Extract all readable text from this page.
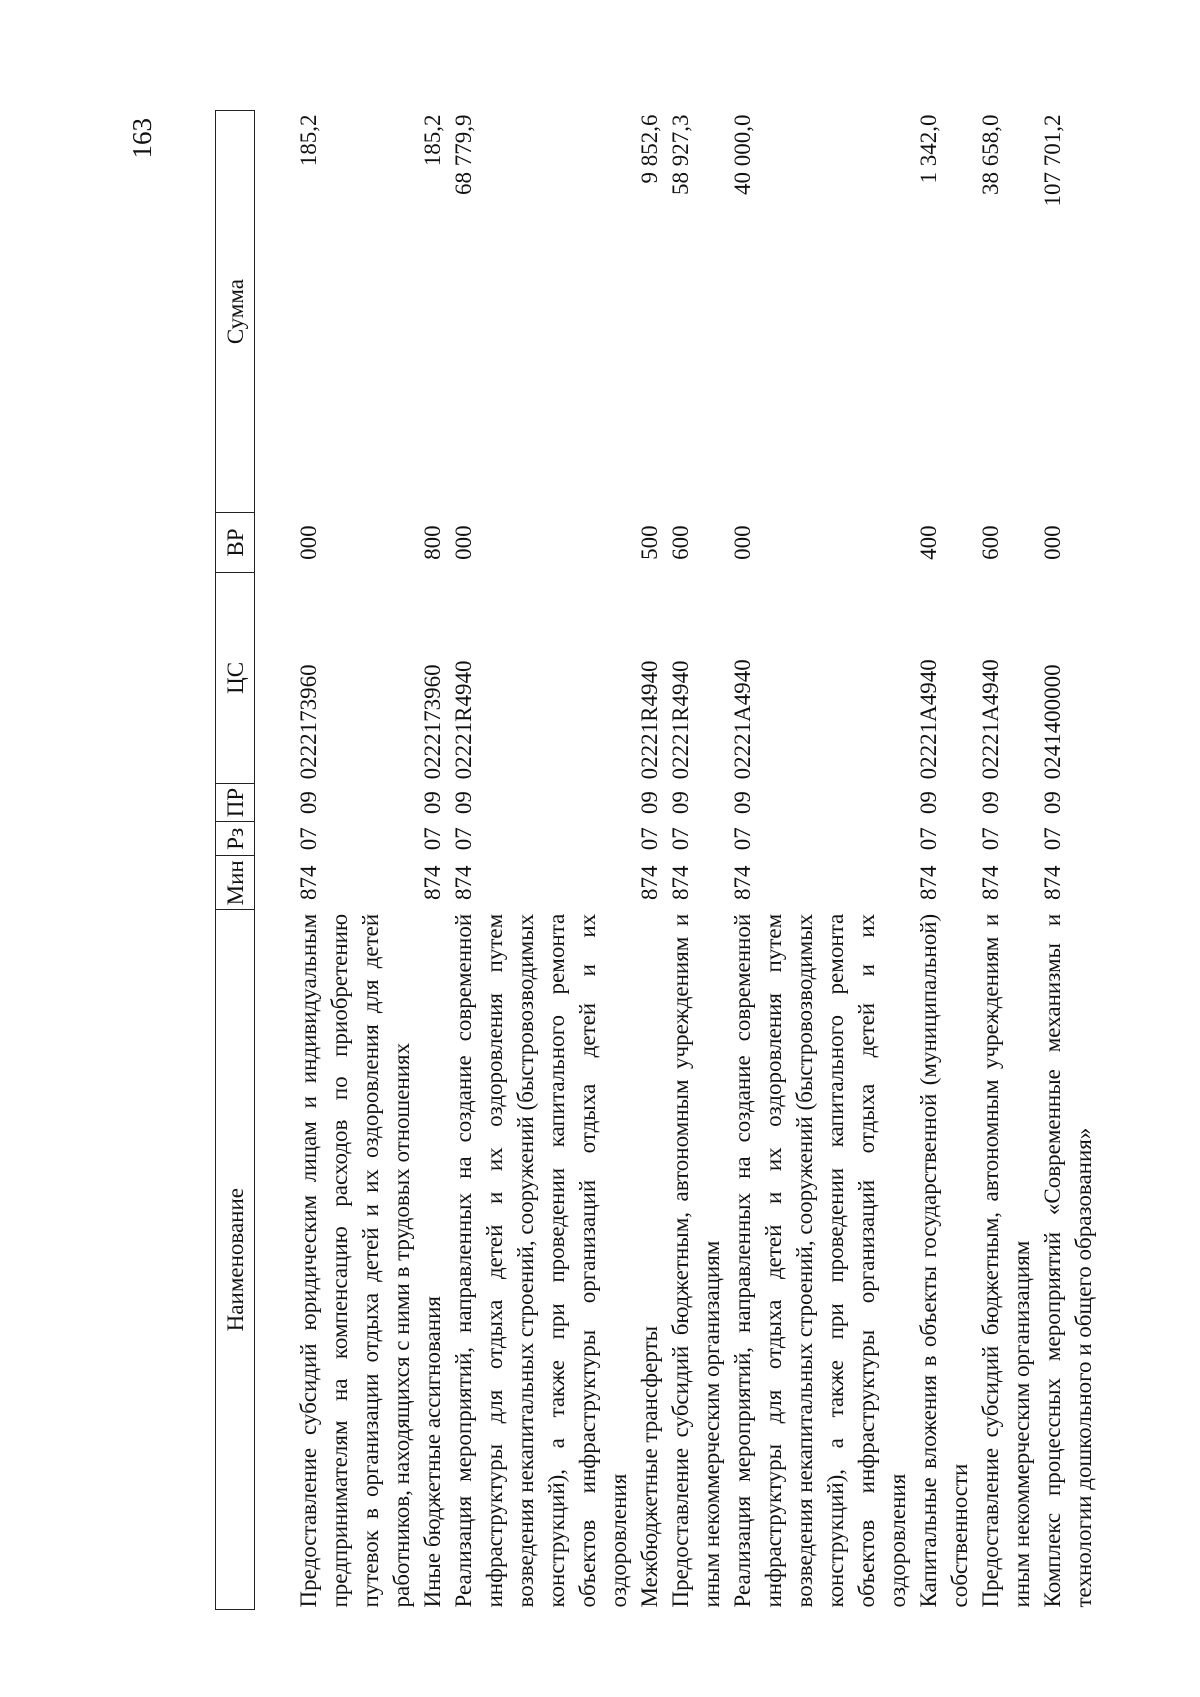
163
Наименование	Мин	Рз	ПР	ЦС	ВР	Сумма
Предоставление субсидий юридическим лицам и индивидуальным предпринимателям на компенсацию расходов по приобретению путевок в организации отдыха детей и их оздоровления для детей работников, находящихся с ними в трудовых отношениях	874	07	09	0222173960	000	185,2
Иные бюджетные ассигнования	874	07	09	0222173960	800	185,2
Реализация мероприятий, направленных на создание современной инфраструктуры для отдыха детей и их оздоровления путем возведения некапитальных строений, сооружений (быстровозводимых конструкций), а также при проведении капитального ремонта объектов инфраструктуры организаций отдыха детей и их оздоровления	874	07	09	02221R4940	000	68 779,9
Межбюджетные трансферты	874	07	09	02221R4940	500	9 852,6
Предоставление субсидий бюджетным, автономным учреждениям и иным некоммерческим организациям	874	07	09	02221R4940	600	58 927,3
Реализация мероприятий, направленных на создание современной инфраструктуры для отдыха детей и их оздоровления путем возведения некапитальных строений, сооружений (быстровозводимых конструкций), а также при проведении капитального ремонта объектов инфраструктуры организаций отдыха детей и их оздоровления	874	07	09	02221A4940	000	40 000,0
Капитальные вложения в объекты государственной (муниципальной) собственности	874	07	09	02221A4940	400	1 342,0
Предоставление субсидий бюджетным, автономным учреждениям и иным некоммерческим организациям	874	07	09	02221A4940	600	38 658,0
Комплекс процессных мероприятий «Современные механизмы и технологии дошкольного и общего образования»	874	07	09	0241400000	000	107 701,2
